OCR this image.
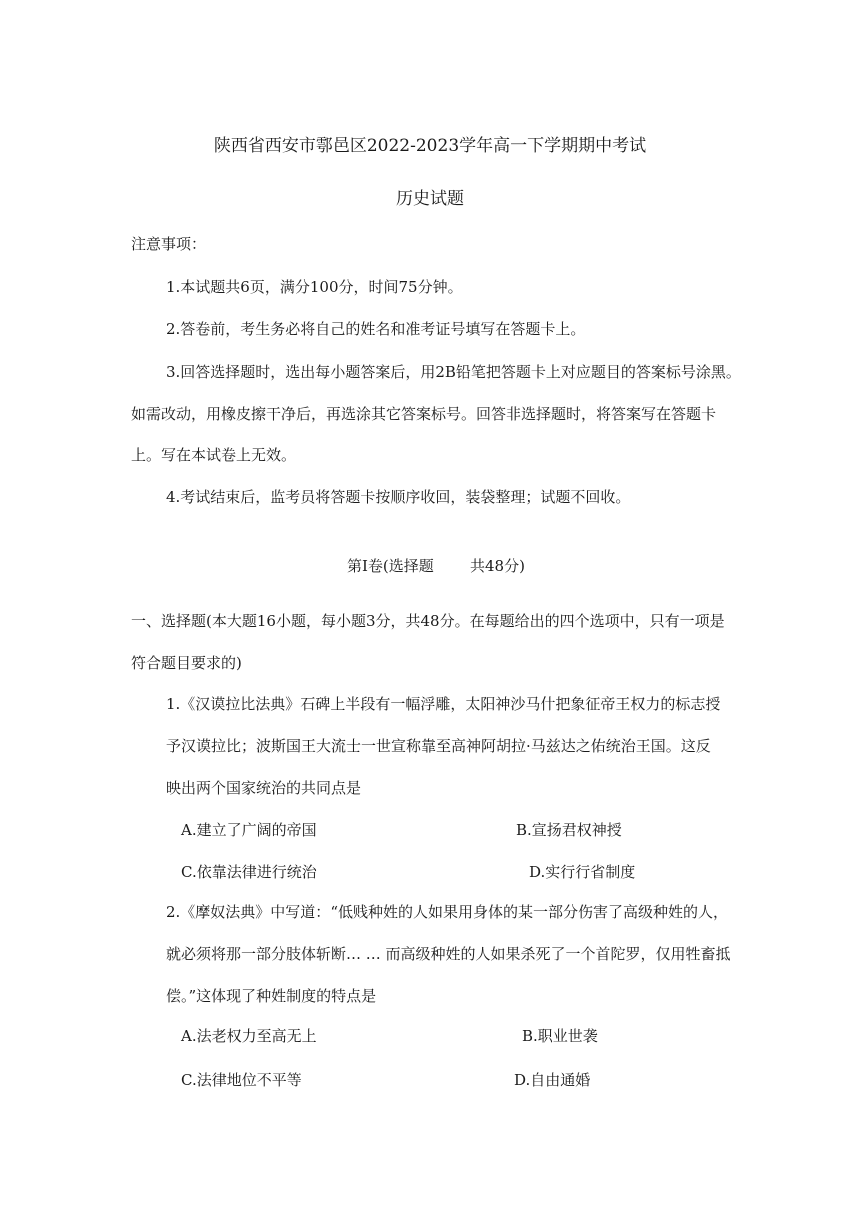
陕西省西安市鄠邑区2022-2023学年高一下学期期中考试
历史试题
注意事项：
1.本试题共6页，满分100分，时间75分钟。
2.答卷前，考生务必将自己的姓名和准考证号填写在答题卡上。
3.回答选择题时，选出每小题答案后，用2B铅笔把答题卡上对应题目的答案标号涂黑。
如需改动，用橡皮擦干净后，再选涂其它答案标号。回答非选择题时，将答案写在答题卡
上。写在本试卷上无效。
4.考试结束后，监考员将答题卡按顺序收回，装袋整理；试题不回收。
第Ⅰ卷(选择题 共48分)
一、选择题(本大题16小题，每小题3分，共48分。在每题给出的四个选项中，只有一项是
符合题目要求的)
1.《汉谟拉比法典》石碑上半段有一幅浮雕，太阳神沙马什把象征帝王权力的标志授
予汉谟拉比；波斯国王大流士一世宣称靠至高神阿胡拉·马兹达之佑统治王国。这反
映出两个国家统治的共同点是
A.建立了广阔的帝国	B.宣扬君权神授
C.依靠法律进行统治	D.实行行省制度
2.《摩奴法典》中写道：“低贱种姓的人如果用身体的某一部分伤害了高级种姓的人，
就必须将那一部分肢体斩断… … 而高级种姓的人如果杀死了一个首陀罗，仅用牲畜抵
偿。”这体现了种姓制度的特点是
A.法老权力至高无上	B.职业世袭
C.法律地位不平等	D.自由通婚
